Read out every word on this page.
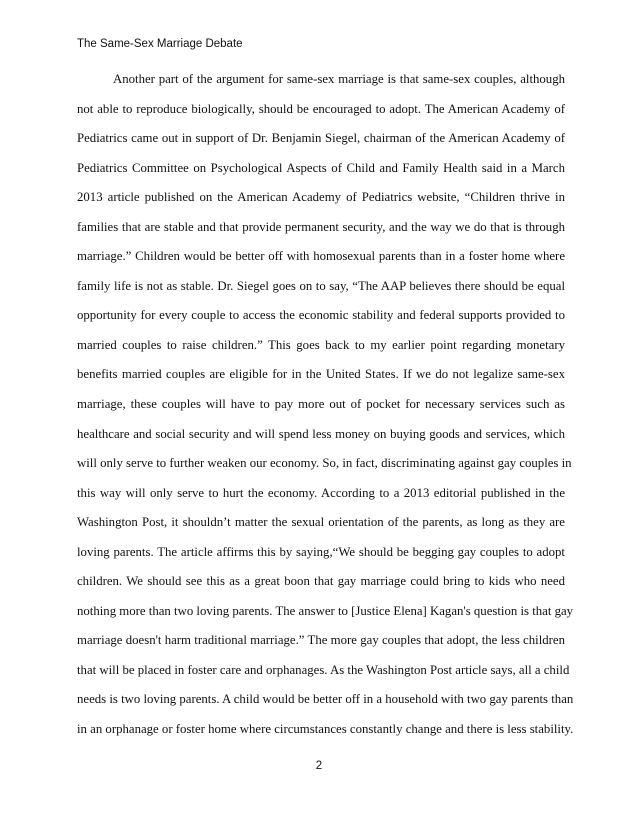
The Same-Sex Marriage Debate
Another part of the argument for same-sex marriage is that same-sex couples, although
not able to reproduce biologically, should be encouraged to adopt. The American Academy of
Pediatrics came out in support of Dr. Benjamin Siegel, chairman of the American Academy of
Pediatrics Committee on Psychological Aspects of Child and Family Health said in a March
2013 article published on the American Academy of Pediatrics website, “Children thrive in
families that are stable and that provide permanent security, and the way we do that is through
marriage.” Children would be better off with homosexual parents than in a foster home where
family life is not as stable. Dr. Siegel goes on to say, “The AAP believes there should be equal
opportunity for every couple to access the economic stability and federal supports provided to
married couples to raise children.” This goes back to my earlier point regarding monetary
benefits married couples are eligible for in the United States. If we do not legalize same-sex
marriage, these couples will have to pay more out of pocket for necessary services such as
healthcare and social security and will spend less money on buying goods and services, which
will only serve to further weaken our economy. So, in fact, discriminating against gay couples in
this way will only serve to hurt the economy. According to a 2013 editorial published in the
Washington Post, it shouldn’t matter the sexual orientation of the parents, as long as they are
loving parents. The article affirms this by saying,“We should be begging gay couples to adopt
children. We should see this as a great boon that gay marriage could bring to kids who need
nothing more than two loving parents. The answer to [Justice Elena] Kagan's question is that gay
marriage doesn't harm traditional marriage.” The more gay couples that adopt, the less children
that will be placed in foster care and orphanages. As the Washington Post article says, all a child
needs is two loving parents. A child would be better off in a household with two gay parents than
in an orphanage or foster home where circumstances constantly change and there is less stability.
2
